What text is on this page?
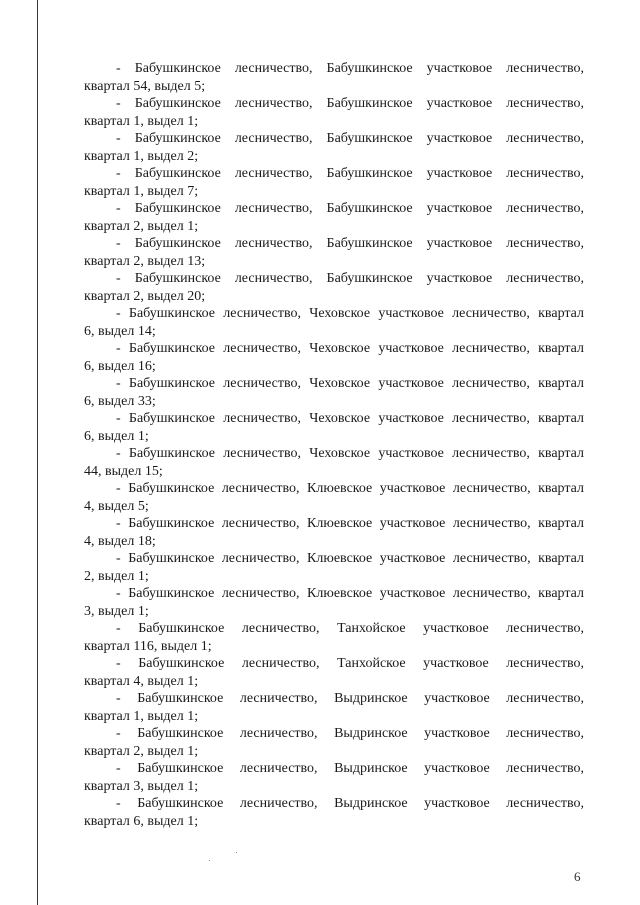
- Бабушкинское лесничество, Бабушкинское участковое лесничество,
квартал 54, выдел 5;
- Бабушкинское лесничество, Бабушкинское участковое лесничество,
квартал 1, выдел 1;
- Бабушкинское лесничество, Бабушкинское участковое лесничество,
квартал 1, выдел 2;
- Бабушкинское лесничество, Бабушкинское участковое лесничество,
квартал 1, выдел 7;
- Бабушкинское лесничество, Бабушкинское участковое лесничество,
квартал 2, выдел 1;
- Бабушкинское лесничество, Бабушкинское участковое лесничество,
квартал 2, выдел 13;
- Бабушкинское лесничество, Бабушкинское участковое лесничество,
квартал 2, выдел 20;
- Бабушкинское лесничество, Чеховское участковое лесничество, квартал
6, выдел 14;
- Бабушкинское лесничество, Чеховское участковое лесничество, квартал
6, выдел 16;
- Бабушкинское лесничество, Чеховское участковое лесничество, квартал
6, выдел 33;
- Бабушкинское лесничество, Чеховское участковое лесничество, квартал
6, выдел 1;
- Бабушкинское лесничество, Чеховское участковое лесничество, квартал
44, выдел 15;
- Бабушкинское лесничество, Клюевское участковое лесничество, квартал
4, выдел 5;
- Бабушкинское лесничество, Клюевское участковое лесничество, квартал
4, выдел 18;
- Бабушкинское лесничество, Клюевское участковое лесничество, квартал
2, выдел 1;
- Бабушкинское лесничество, Клюевское участковое лесничество, квартал
3, выдел 1;
- Бабушкинское лесничество, Танхойское участковое лесничество,
квартал 116, выдел 1;
- Бабушкинское лесничество, Танхойское участковое лесничество,
квартал 4, выдел 1;
- Бабушкинское лесничество, Выдринское участковое лесничество,
квартал 1, выдел 1;
- Бабушкинское лесничество, Выдринское участковое лесничество,
квартал 2, выдел 1;
- Бабушкинское лесничество, Выдринское участковое лесничество,
квартал 3, выдел 1;
- Бабушкинское лесничество, Выдринское участковое лесничество,
квартал 6, выдел 1;
6
